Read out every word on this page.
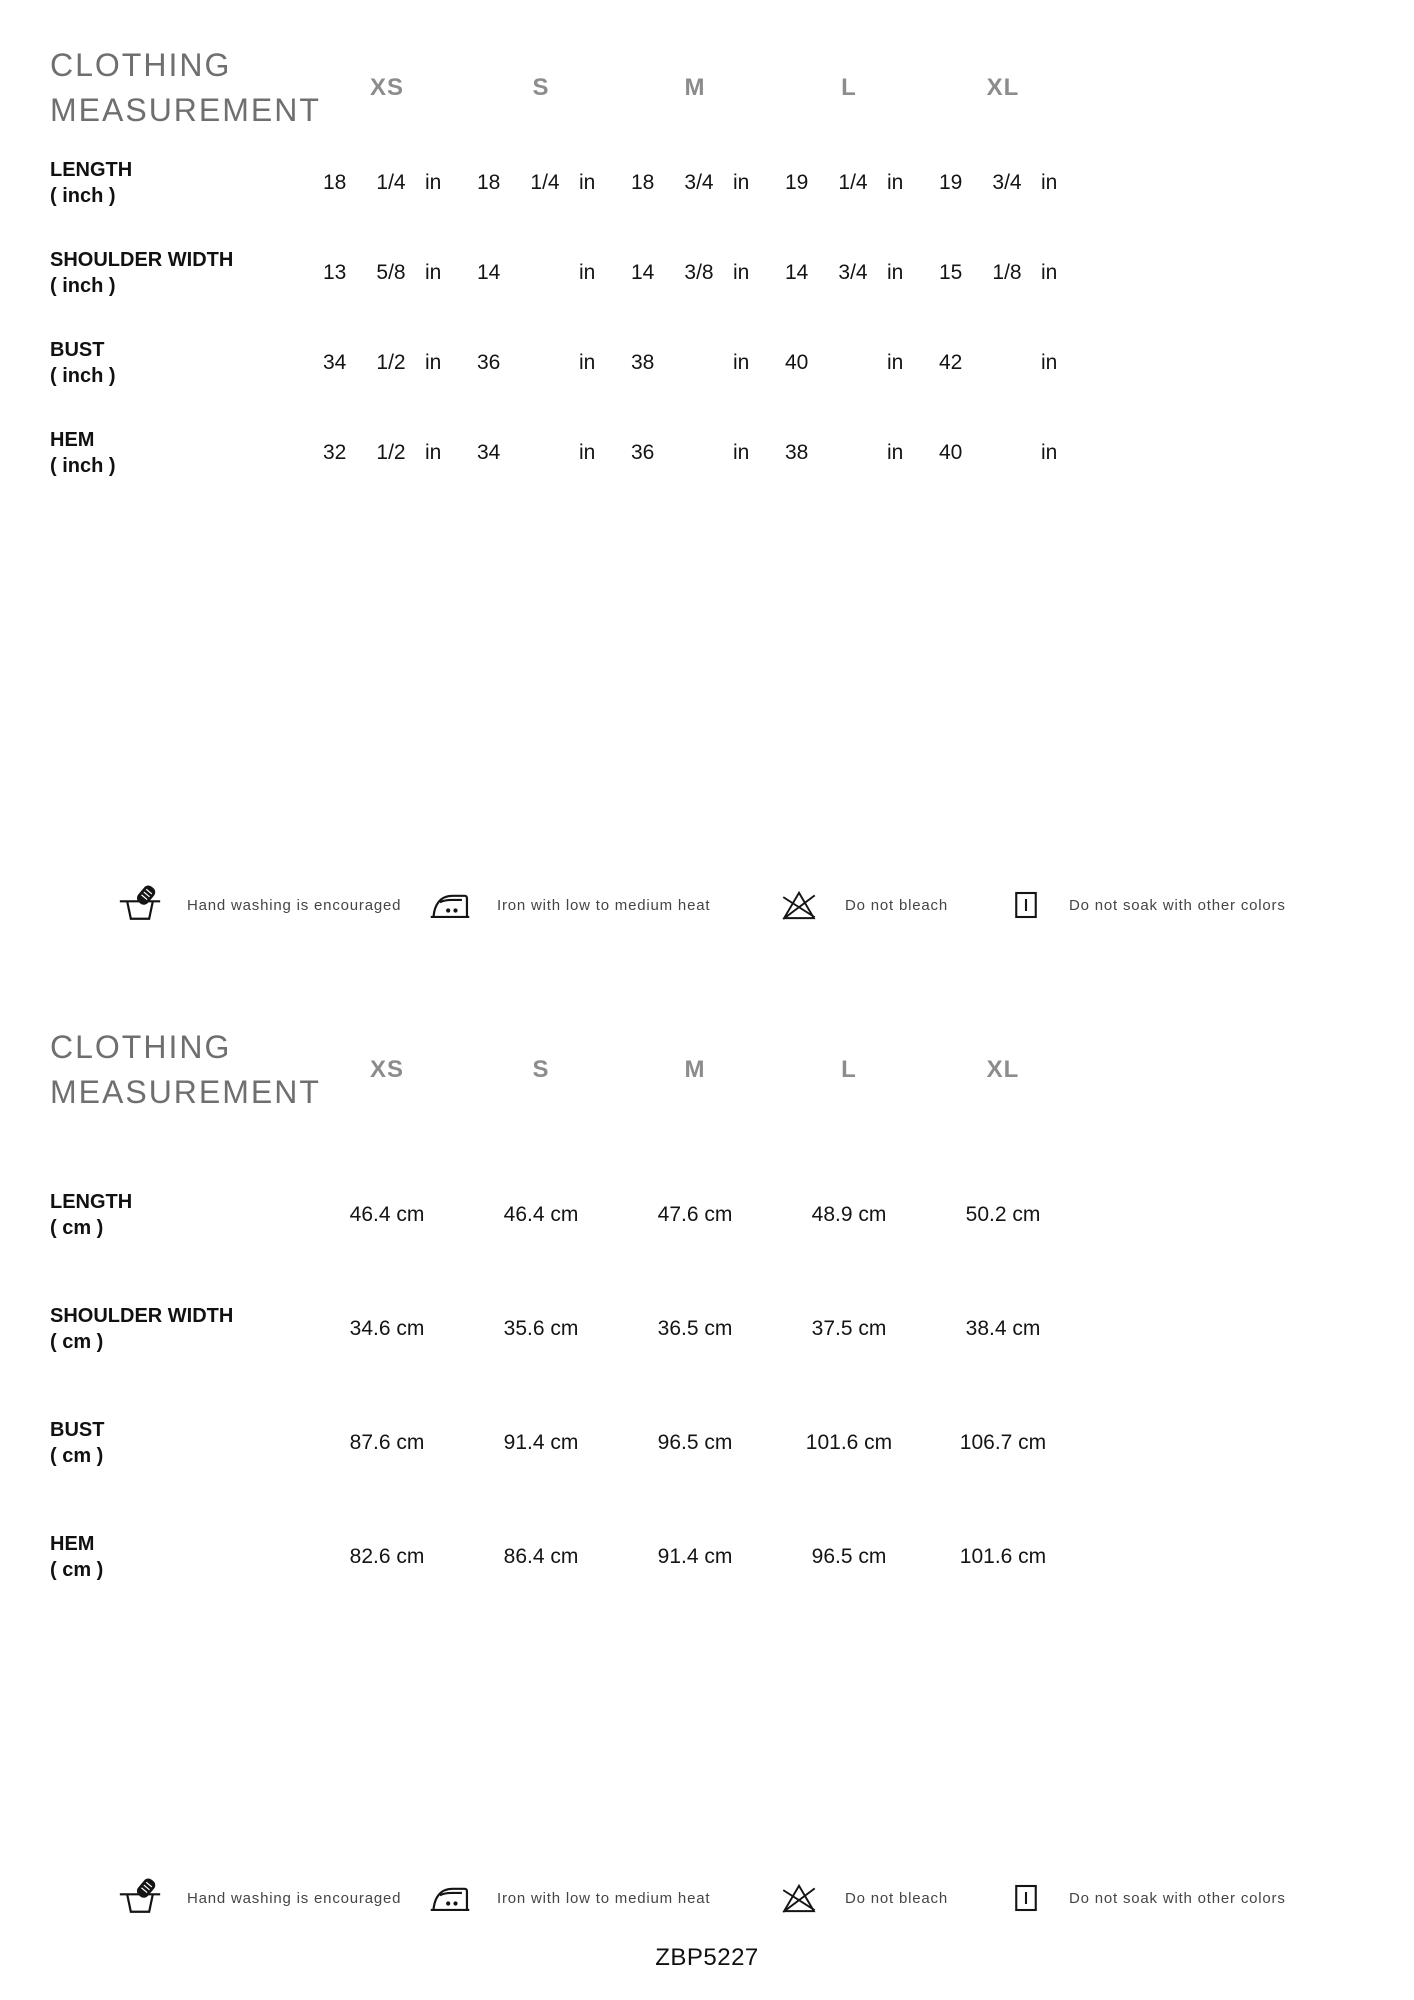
CLOTHING
MEASUREMENT
XS	S	M	L	XL
LENGTH
( inch )
18	1/4 in	18	1/4 in	18	3/4 in	19	1/4 in	19	3/4 in
SHOULDER WIDTH
( inch )
13	5/8 in	14	in	14	3/8 in	14	3/4 in	15	1/8 in
BUST
( inch )
34	1/2 in	36	in	38	in	40	in	42	in
HEM
( inch )
32	1/2 in	34	in	36	in	38	in	40	in
Hand washing is encouraged	Iron with low to medium heat	Do not bleach	Do not soak with other colors
CLOTHING
MEASUREMENT
XS	S	M	L	XL
LENGTH
( cm )
46.4 cm	46.4 cm	47.6 cm	48.9 cm	50.2 cm
SHOULDER WIDTH
( cm )
34.6 cm	35.6 cm	36.5 cm	37.5 cm	38.4 cm
BUST
( cm )
87.6 cm	91.4 cm	96.5 cm	101.6 cm	106.7 cm
HEM
( cm )
82.6 cm	86.4 cm	91.4 cm	96.5 cm	101.6 cm
Hand washing is encouraged	Iron with low to medium heat	Do not bleach	Do not soak with other colors
ZBP5227
